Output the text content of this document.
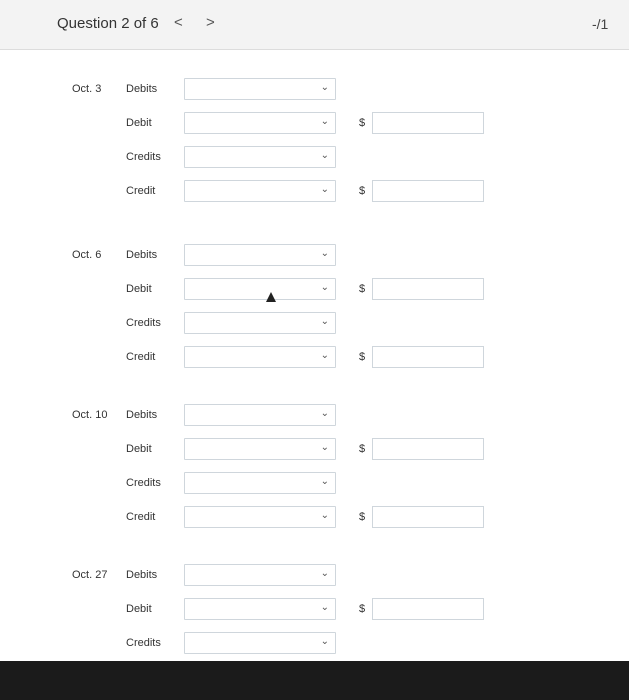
Question 2 of 6 < >	-/1
Oct. 3 Debits	⌄
Debit	⌄	$
Credits	⌄
Credit	⌄	$
Oct. 6 Debits	⌄
Debit	⌄	$
Credits	⌄
Credit	⌄	$
Oct. 10 Debits	⌄
Debit	⌄	$
Credits	⌄
Credit	⌄	$
Oct. 27 Debits	⌄
Debit	⌄	$
Credits	⌄
